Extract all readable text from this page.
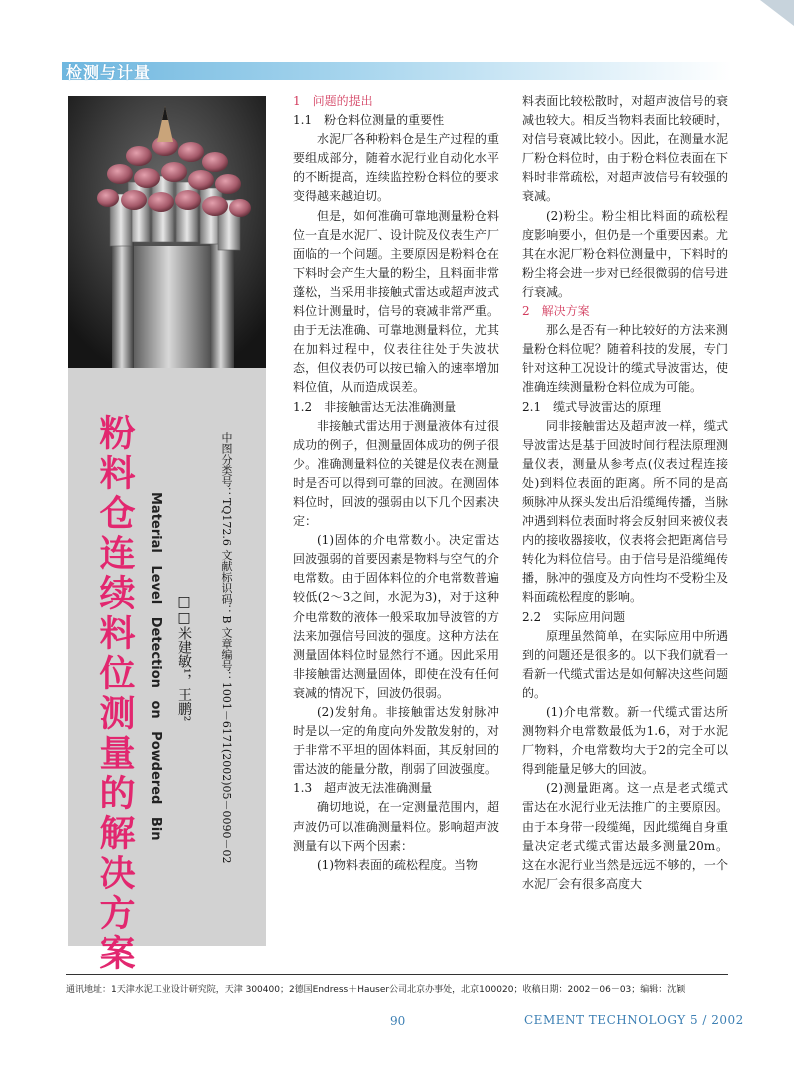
检测与计量
粉料仓连续料位测量的解决方案 Material Level Detection on Powdered Bin □□米建敏¹，王鹏²	中图分类号：TQ172.6 文献标识码：B 文章编号：1001－6171(2002)05－0090－02

1　问题的提出

1.1　粉仓料位测量的重要性

水泥厂各种粉料仓是生产过程的重要组成部分，随着水泥行业自动化水平的不断提高，连续监控粉仓料位的要求变得越来越迫切。

但是，如何准确可靠地测量粉仓料位一直是水泥厂、设计院及仪表生产厂面临的一个问题。主要原因是粉料仓在下料时会产生大量的粉尘，且料面非常蓬松，当采用非接触式雷达或超声波式料位计测量时，信号的衰减非常严重。由于无法准确、可靠地测量料位，尤其在加料过程中，仪表往往处于失波状态，但仪表仍可以按已输入的速率增加料位值，从而造成误差。

1.2　非接触雷达无法准确测量

非接触式雷达用于测量液体有过很成功的例子，但测量固体成功的例子很少。准确测量料位的关键是仪表在测量时是否可以得到可靠的回波。在测固体料位时，回波的强弱由以下几个因素决定：

(1)固体的介电常数小。决定雷达回波强弱的首要因素是物料与空气的介电常数。由于固体料位的介电常数普遍较低(2～3之间，水泥为3)，对于这种介电常数的液体一般采取加导波管的方法来加强信号回波的强度。这种方法在测量固体料位时显然行不通。因此采用非接触雷达测量固体，即使在没有任何衰减的情况下，回波仍很弱。

(2)发射角。非接触雷达发射脉冲时是以一定的角度向外发散发射的，对于非常不平坦的固体料面，其反射回的雷达波的能量分散，削弱了回波强度。

1.3　超声波无法准确测量

确切地说，在一定测量范围内，超声波仍可以准确测量料位。影响超声波测量有以下两个因素：

(1)物料表面的疏松程度。当物

料表面比较松散时，对超声波信号的衰减也较大。相反当物料表面比较硬时，对信号衰减比较小。因此，在测量水泥厂粉仓料位时，由于粉仓料位表面在下料时非常疏松，对超声波信号有较强的衰减。

(2)粉尘。粉尘相比料面的疏松程度影响要小，但仍是一个重要因素。尤其在水泥厂粉仓料位测量中，下料时的粉尘将会进一步对已经很微弱的信号进行衰减。

2　解决方案

那么是否有一种比较好的方法来测量粉仓料位呢？随着科技的发展，专门针对这种工况设计的缆式导波雷达，使准确连续测量粉仓料位成为可能。

2.1　缆式导波雷达的原理

同非接触雷达及超声波一样，缆式导波雷达是基于回波时间行程法原理测量仪表，测量从参考点(仪表过程连接处)到料位表面的距离。所不同的是高频脉冲从探头发出后沿缆绳传播，当脉冲遇到料位表面时将会反射回来被仪表内的接收器接收，仪表将会把距离信号转化为料位信号。由于信号是沿缆绳传播，脉冲的强度及方向性均不受粉尘及料面疏松程度的影响。

2.2　实际应用问题

原理虽然简单，在实际应用中所遇到的问题还是很多的。以下我们就看一看新一代缆式雷达是如何解决这些问题的。

(1)介电常数。新一代缆式雷达所测物料介电常数最低为1.6，对于水泥厂物料，介电常数均大于2的完全可以得到能量足够大的回波。

(2)测量距离。这一点是老式缆式雷达在水泥行业无法推广的主要原因。由于本身带一段缆绳，因此缆绳自身重量决定老式缆式雷达最多测量20m。这在水泥行业当然是远远不够的，一个水泥厂会有很多高度大

通讯地址：1天津水泥工业设计研究院，天津 300400；2德国Endress＋Hauser公司北京办事处，北京100020；收稿日期：2002－06－03；编辑：沈颖
90	CEMENT TECHNOLOGY 5 / 2002
